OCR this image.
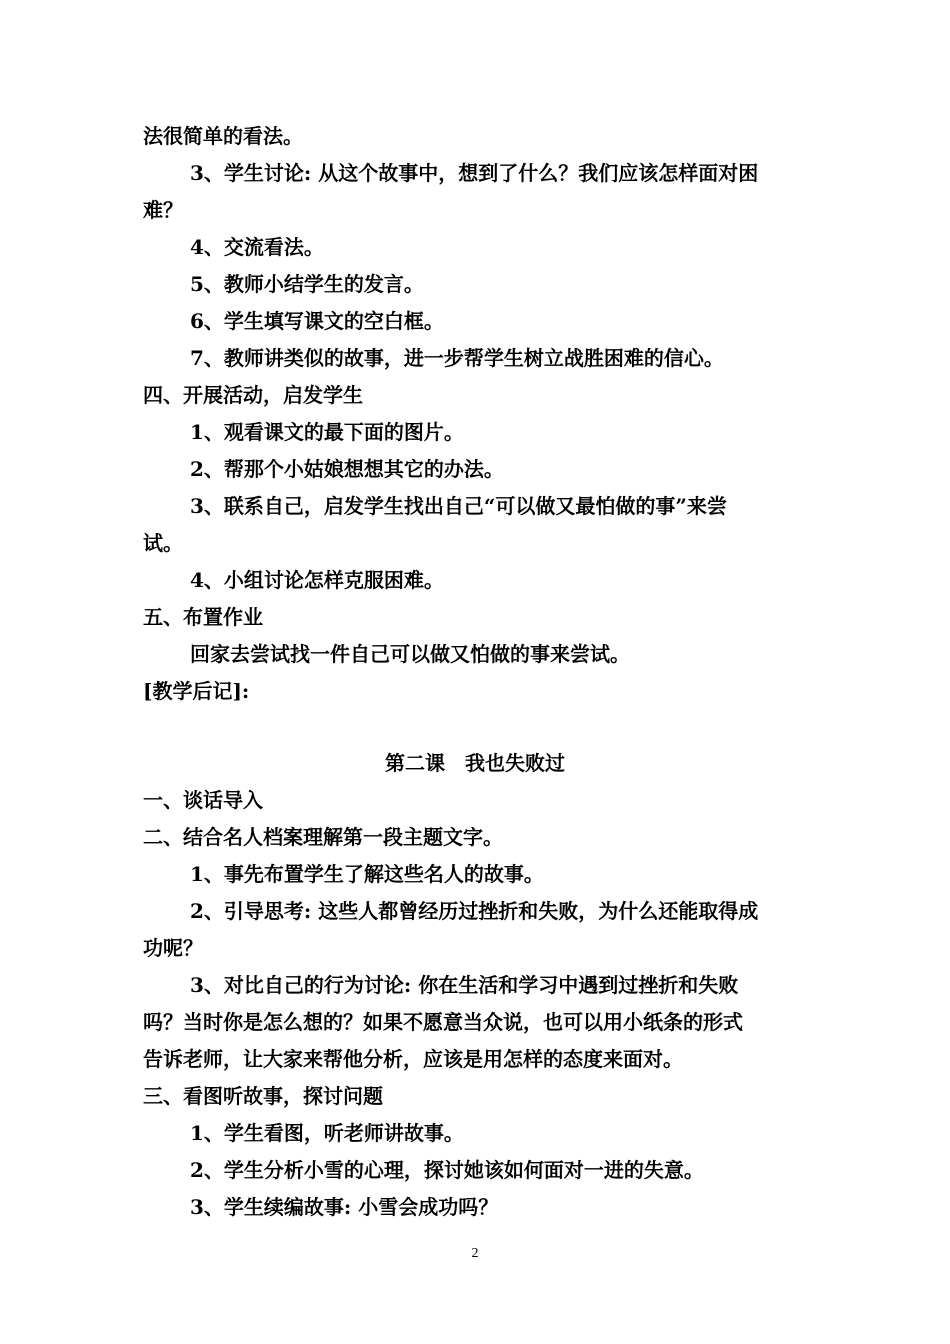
法很简单的看法。
3、学生讨论: 从这个故事中，想到了什么？我们应该怎样面对困
难？
4、交流看法。
5、教师小结学生的发言。
6、学生填写课文的空白框。
7、教师讲类似的故事，进一步帮学生树立战胜困难的信心。
四、开展活动，启发学生
1、观看课文的最下面的图片。
2、帮那个小姑娘想想其它的办法。
3、联系自己，启发学生找出自己“可以做又最怕做的事”来尝
试。
4、小组讨论怎样克服困难。
五、布置作业
回家去尝试找一件自己可以做又怕做的事来尝试。
[教学后记]:
第二课　我也失败过
一、谈话导入
二、结合名人档案理解第一段主题文字。
1、事先布置学生了解这些名人的故事。
2、引导思考: 这些人都曾经历过挫折和失败，为什么还能取得成
功呢？
3、对比自己的行为讨论: 你在生活和学习中遇到过挫折和失败
吗？当时你是怎么想的？如果不愿意当众说，也可以用小纸条的形式
告诉老师，让大家来帮他分析，应该是用怎样的态度来面对。
三、看图听故事，探讨问题
1、学生看图，听老师讲故事。
2、学生分析小雪的心理，探讨她该如何面对一进的失意。
3、学生续编故事: 小雪会成功吗？
2
